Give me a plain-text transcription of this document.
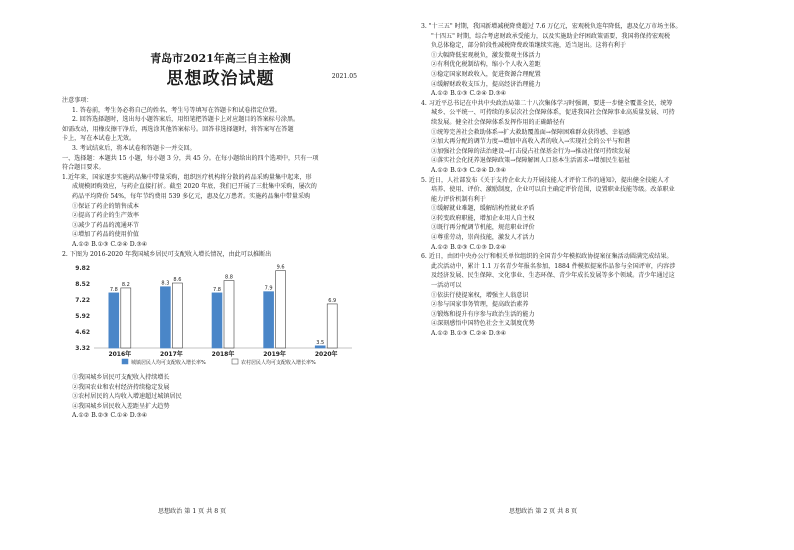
青岛市2021年高三自主检测
思想政治试题	2021.05
注意事项：
1. 答卷前，考生务必将自己的姓名、考生号等填写在答题卡和试卷指定位置。
2. 回答选择题时，选出每小题答案后，用铅笔把答题卡上对应题目的答案标号涂黑。
如需改动，用橡皮擦干净后，再选涂其他答案标号。回答非选择题时，将答案写在答题
卡上，写在本试卷上无效。
3. 考试结束后，将本试卷和答题卡一并交回。
一、选择题：本题共 15 小题，每小题 3 分，共 45 分。在每小题给出的四个选项中，只有一项
符合题目要求。
1.近年来，国家逐步实施药品集中带量采购，组织医疗机构将分散的药品采购量集中起来，形
成规模团购效应，与药企直接打折。截至 2020 年底，我们已开展了三批集中采购，屡次的
药品平均降价 54%，每年节约费用 539 多亿元，惠及亿万患者。实施药品集中带量采购
①保证了药企的销售成本
②提高了药企的生产效率
③减少了药品的流通环节
④增加了药品的使用价值
A.①② B.①③ C.②④ D.③④
2. 下图为 2016-2020 年我国城乡居民可支配收入增长情况，由此可以推断出
3.32
4.62
5.92
7.22
8.52
9.82
7.8
8.2
2016年
8.3
8.6
2017年
7.8
8.8
2018年
7.9
9.6
2019年
3.5
6.9
2020年
城镇居民人均可支配收入增长率%	农村居民人均可支配收入增长率%
①我国城乡居民可支配收入持续增长
②我国农业和农村经济持续稳定发展
③农村居民的人均收入增速超过城镇居民
④我国城乡居民收入差距呈扩大趋势
A.①② B.②③ C.①④ D.③④
思想政治 第 1 页 共 8 页
3. "十三五" 时期，我国新增减税降费超过 7.6 万亿元，宏观税负连年降低，惠及亿万市场主体。
"十四五" 时期，综合考虑财政承受能力，以及实施助企纾困政策需要，我国将保持宏观税
负总体稳定，部分阶段性减税降费政策继续实施，适当退出。这将有利于
①大幅降低宏观税负，激发微观主体活力
②有利优化税制结构，缩小个人收入差距
③稳定国家财政收入，促进资源合理配置
④缓解财政收支压力，提高经济治理能力
A.①② B.①③ C.②④ D.③④
4. 习近平总书记在中共中央政治局第二十八次集体学习时强调，要进一步健全覆盖全民，统筹
城乡、公平统一、可持续的多层次社会保障体系，促进我国社会保障事业高质量发展、可持
续发展。健全社会保障体系发挥作用的正确路径有
①统筹完善社会救助体系→扩大救助覆盖面→保障困难群众获得感、幸福感
②加大再分配的调节力度→增加中高收入者的收入→实现社会的公平与和谐
③加强社会保障的法治建设→打击侵占社保基金行为→推动社保可持续发展
④落实社会化抚养退保障政策→保障解困人口基本生活需求→增加民生福祉
A.①② B.①③ C.②④ D.③④
5. 近日，人社部发布《关于支持企业大力开展技能人才评价工作的通知》，提出健全技能人才
培养、使用、评价、激励制度，企业可以自主确定评价范围，设置职业技能等级。改革职业
能力评价机制有利于
①缓解就业难题，缓解结构性就业矛盾
②转变政府职能，增加企业用人自主权
③既行再分配调节机能，规范职业评价
④尊重劳动，崇尚技能，激发人才活力
A.①② B.②③ C.①③ D.②④
6. 近日，由团中央办公厅和相关单位组织的全国青少年模拟政协提案征集活动圆满完成结果。
此次活动中，累计 1.1 万名青少年报名参加，1884 件模拟提案作品参与全国评审，内容涉
及经济发展、民生保障、文化事业、生态环保、青少年成长发展等多个领域。青少年通过这
一活动可以
①依法行使提案权，增强主人翁意识
②参与国家事务管理，提高政治素养
③锻炼和提升有序参与政治生活的能力
④深刻感悟中国特色社会主义制度优势
A.①② B.①③ C.②④ D.③④
思想政治 第 2 页 共 8 页
